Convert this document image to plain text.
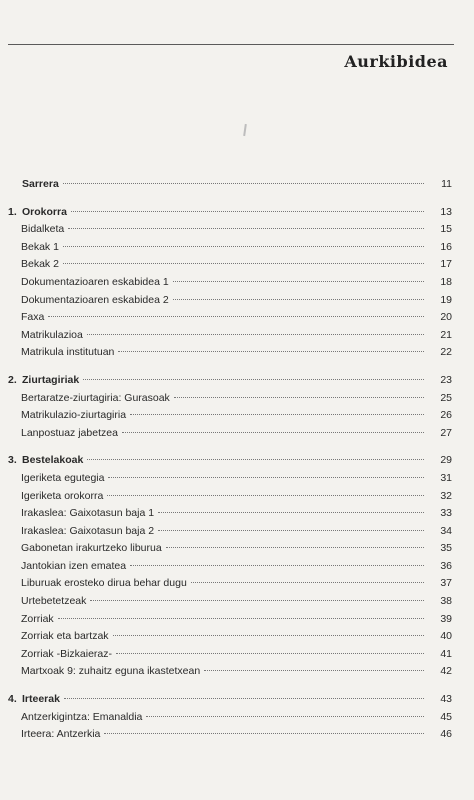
Aurkibidea
Sarrera	11
1. Orokorra	13
Bidalketa	15
Bekak 1	16
Bekak 2	17
Dokumentazioaren eskabidea 1	18
Dokumentazioaren eskabidea 2	19
Faxa	20
Matrikulazioa	21
Matrikula institutuan	22
2. Ziurtagiriak	23
Bertaratze-ziurtagiria: Gurasoak	25
Matrikulazio-ziurtagiria	26
Lanpostuaz jabetzea	27
3. Bestelakoak	29
Igeriketa egutegia	31
Igeriketa orokorra	32
Irakaslea: Gaixotasun baja 1	33
Irakaslea: Gaixotasun baja 2	34
Gabonetan irakurtzeko liburua	35
Jantokian izen ematea	36
Liburuak erosteko dirua behar dugu	37
Urtebetetzeak	38
Zorriak	39
Zorriak eta bartzak	40
Zorriak -Bizkaieraz-	41
Martxoak 9: zuhaitz eguna ikastetxean	42
4. Irteerak	43
Antzerkigintza: Emanaldia	45
Irteera: Antzerkia	46
